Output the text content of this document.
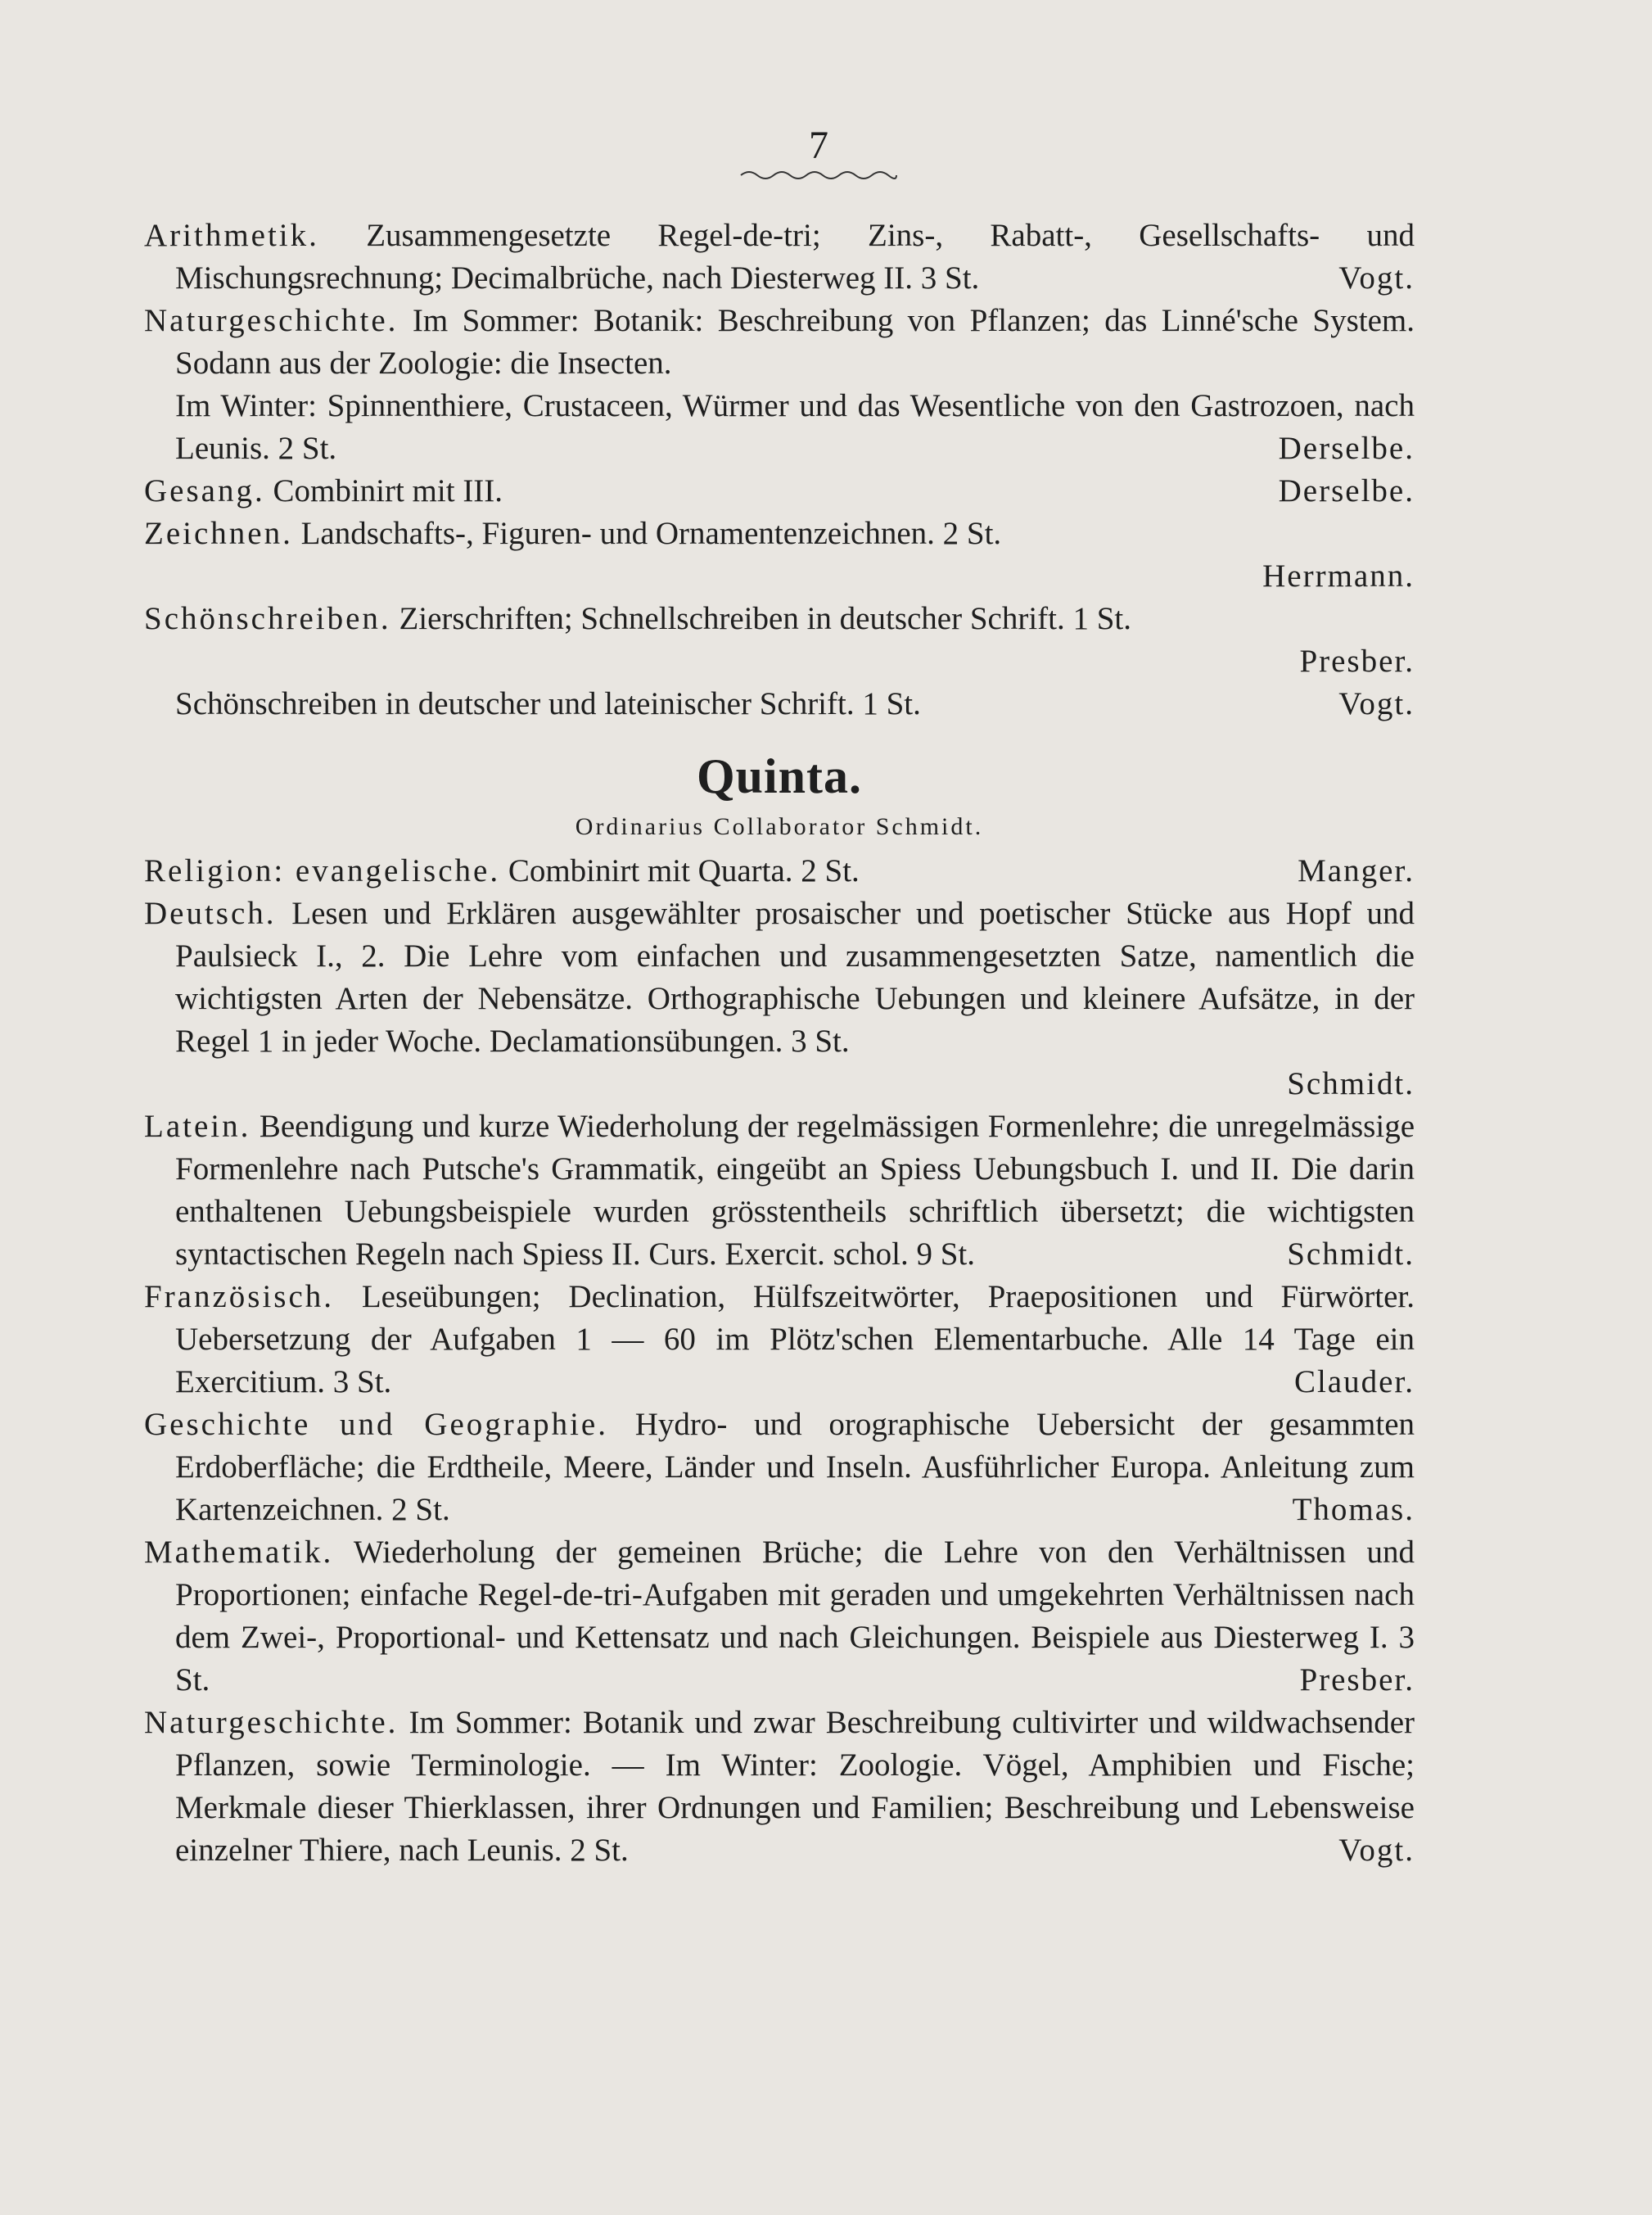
7

Arithmetik. Zusammengesetzte Regel-de-tri; Zins-, Rabatt-, Gesellschafts- und Mischungsrechnung; Decimalbrüche, nach Diesterweg II. 3 St.	Vogt.

Naturgeschichte. Im Sommer: Botanik: Beschreibung von Pflanzen; das Linné'sche System. Sodann aus der Zoologie: die Insecten.

Im Winter: Spinnenthiere, Crustaceen, Würmer und das Wesentliche von den Gastrozoen, nach Leunis. 2 St.	Derselbe.

Gesang. Combinirt mit III.	Derselbe.

Zeichnen. Landschafts-, Figuren- und Ornamentenzeichnen. 2 St.
Herrmann.

Schönschreiben. Zierschriften; Schnellschreiben in deutscher Schrift. 1 St.
Presber.

Schönschreiben in deutscher und lateinischer Schrift. 1 St.	Vogt.

Quinta.
Ordinarius Collaborator Schmidt.

Religion: evangelische. Combinirt mit Quarta. 2 St.	Manger.

Deutsch. Lesen und Erklären ausgewählter prosaischer und poetischer Stücke aus Hopf und Paulsieck I., 2. Die Lehre vom einfachen und zusammengesetzten Satze, namentlich die wichtigsten Arten der Nebensätze. Orthographische Uebungen und kleinere Aufsätze, in der Regel 1 in jeder Woche. Declamationsübungen. 3 St.
Schmidt.

Latein. Beendigung und kurze Wiederholung der regelmässigen Formenlehre; die unregelmässige Formenlehre nach Putsche's Grammatik, eingeübt an Spiess Uebungsbuch I. und II. Die darin enthaltenen Uebungsbeispiele wurden grösstentheils schriftlich übersetzt; die wichtigsten syntactischen Regeln nach Spiess II. Curs. Exercit. schol. 9 St.	Schmidt.

Französisch. Leseübungen; Declination, Hülfszeitwörter, Praepositionen und Fürwörter. Uebersetzung der Aufgaben 1 — 60 im Plötz'schen Elementarbuche. Alle 14 Tage ein Exercitium. 3 St.	Clauder.

Geschichte und Geographie. Hydro- und orographische Uebersicht der gesammten Erdoberfläche; die Erdtheile, Meere, Länder und Inseln. Ausführlicher Europa. Anleitung zum Kartenzeichnen. 2 St.	Thomas.

Mathematik. Wiederholung der gemeinen Brüche; die Lehre von den Verhältnissen und Proportionen; einfache Regel-de-tri-Aufgaben mit geraden und umgekehrten Verhältnissen nach dem Zwei-, Proportional- und Kettensatz und nach Gleichungen. Beispiele aus Diesterweg I. 3 St.	Presber.

Naturgeschichte. Im Sommer: Botanik und zwar Beschreibung cultivirter und wildwachsender Pflanzen, sowie Terminologie. — Im Winter: Zoologie. Vögel, Amphibien und Fische; Merkmale dieser Thierklassen, ihrer Ordnungen und Familien; Beschreibung und Lebensweise einzelner Thiere, nach Leunis. 2 St.	Vogt.
